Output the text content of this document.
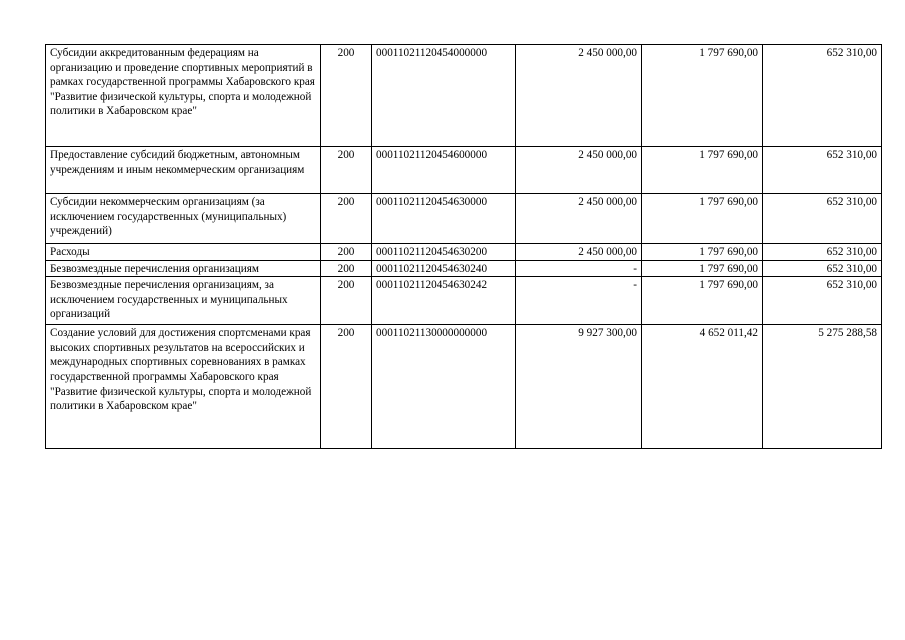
Субсидии аккредитованным федерациям на организацию и проведение спортивных мероприятий в рамках государственной программы Хабаровского края "Развитие физической культуры, спорта и молодежной политики в Хабаровском крае"	200	00011021120454000000	2 450 000,00	1 797 690,00	652 310,00
Предоставление субсидий бюджетным, автономным учреждениям и иным некоммерческим организациям	200	00011021120454600000	2 450 000,00	1 797 690,00	652 310,00
Субсидии некоммерческим организациям (за исключением государственных (муниципальных) учреждений)	200	00011021120454630000	2 450 000,00	1 797 690,00	652 310,00
Расходы	200	00011021120454630200	2 450 000,00	1 797 690,00	652 310,00
Безвозмездные перечисления организациям	200	00011021120454630240	-	1 797 690,00	652 310,00
Безвозмездные перечисления организациям, за исключением государственных и муниципальных организаций	200	00011021120454630242	-	1 797 690,00	652 310,00
Создание условий для достижения спортсменами края высоких спортивных результатов на всероссийских и международных спортивных соревнованиях в рамках государственной программы Хабаровского края "Развитие физической культуры, спорта и молодежной политики в Хабаровском крае"	200	00011021130000000000	9 927 300,00	4 652 011,42	5 275 288,58
